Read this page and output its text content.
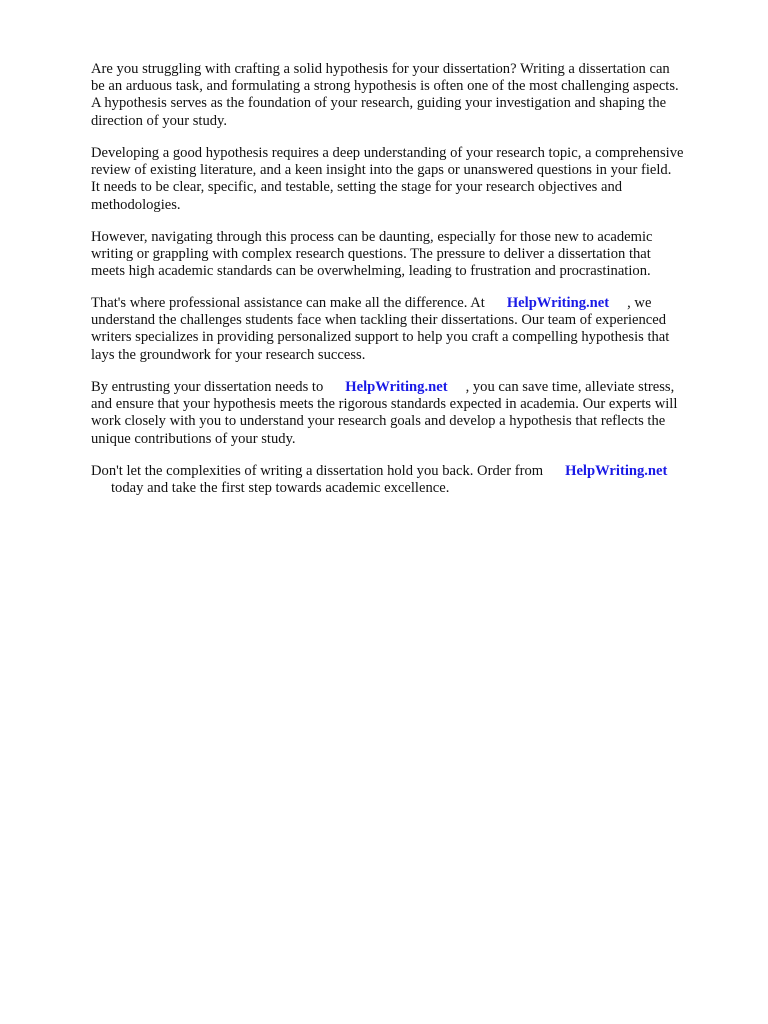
Are you struggling with crafting a solid hypothesis for your dissertation? Writing a dissertation can
be an arduous task, and formulating a strong hypothesis is often one of the most challenging aspects.
A hypothesis serves as the foundation of your research, guiding your investigation and shaping the
direction of your study.

Developing a good hypothesis requires a deep understanding of your research topic, a comprehensive
review of existing literature, and a keen insight into the gaps or unanswered questions in your field.
It needs to be clear, specific, and testable, setting the stage for your research objectives and
methodologies.

However, navigating through this process can be daunting, especially for those new to academic
writing or grappling with complex research questions. The pressure to deliver a dissertation that
meets high academic standards can be overwhelming, leading to frustration and procrastination.

That's where professional assistance can make all the difference. At HelpWriting.net , we
understand the challenges students face when tackling their dissertations. Our team of experienced
writers specializes in providing personalized support to help you craft a compelling hypothesis that
lays the groundwork for your research success.

By entrusting your dissertation needs to HelpWriting.net , you can save time, alleviate stress,
and ensure that your hypothesis meets the rigorous standards expected in academia. Our experts will
work closely with you to understand your research goals and develop a hypothesis that reflects the
unique contributions of your study.

Don't let the complexities of writing a dissertation hold you back. Order from HelpWriting.net
today and take the first step towards academic excellence.
